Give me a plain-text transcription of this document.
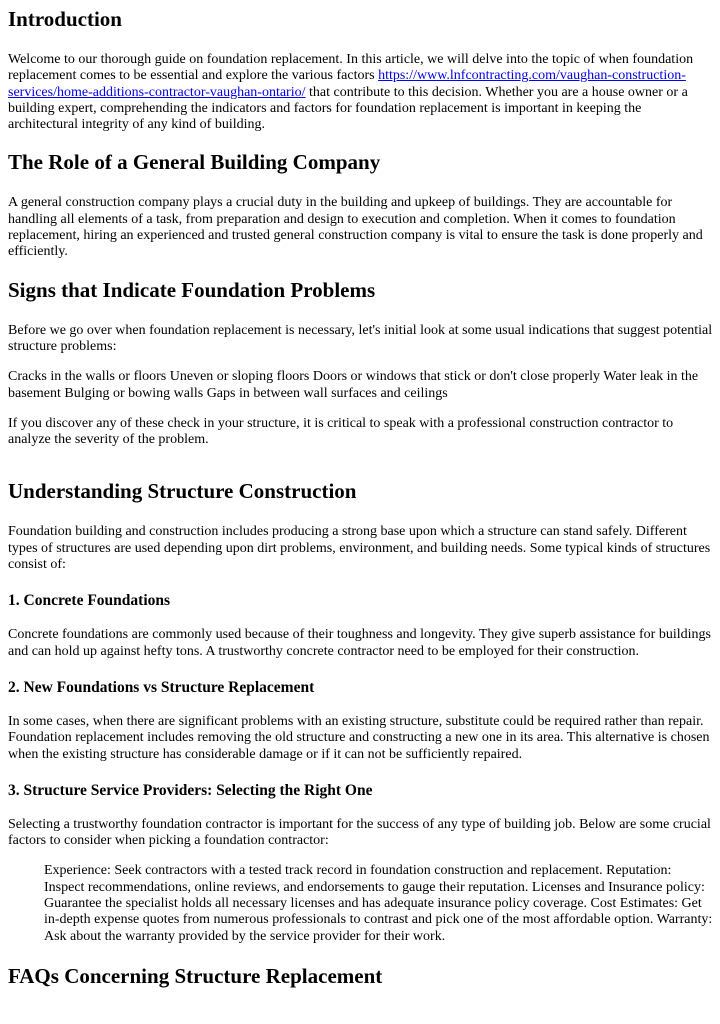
Introduction

Welcome to our thorough guide on foundation replacement. In this article, we will delve into the topic of when foundation replacement comes to be essential and explore the various factors https://www.lnfcontracting.com/vaughan-construction-services/home-additions-contractor-vaughan-ontario/ that contribute to this decision. Whether you are a house owner or a building expert, comprehending the indicators and factors for foundation replacement is important in keeping the architectural integrity of any kind of building.

The Role of a General Building Company

A general construction company plays a crucial duty in the building and upkeep of buildings. They are accountable for handling all elements of a task, from preparation and design to execution and completion. When it comes to foundation replacement, hiring an experienced and trusted general construction company is vital to ensure the task is done properly and efficiently.

Signs that Indicate Foundation Problems

Before we go over when foundation replacement is necessary, let's initial look at some usual indications that suggest potential structure problems:

Cracks in the walls or floors Uneven or sloping floors Doors or windows that stick or don't close properly Water leak in the basement Bulging or bowing walls Gaps in between wall surfaces and ceilings

If you discover any of these check in your structure, it is critical to speak with a professional construction contractor to analyze the severity of the problem.

Understanding Structure Construction

Foundation building and construction includes producing a strong base upon which a structure can stand safely. Different types of structures are used depending upon dirt problems, environment, and building needs. Some typical kinds of structures consist of:

1. Concrete Foundations

Concrete foundations are commonly used because of their toughness and longevity. They give superb assistance for buildings and can hold up against hefty tons. A trustworthy concrete contractor need to be employed for their construction.

2. New Foundations vs Structure Replacement

In some cases, when there are significant problems with an existing structure, substitute could be required rather than repair. Foundation replacement includes removing the old structure and constructing a new one in its area. This alternative is chosen when the existing structure has considerable damage or if it can not be sufficiently repaired.

3. Structure Service Providers: Selecting the Right One

Selecting a trustworthy foundation contractor is important for the success of any type of building job. Below are some crucial factors to consider when picking a foundation contractor:

Experience: Seek contractors with a tested track record in foundation construction and replacement. Reputation: Inspect recommendations, online reviews, and endorsements to gauge their reputation. Licenses and Insurance policy: Guarantee the specialist holds all necessary licenses and has adequate insurance policy coverage. Cost Estimates: Get in-depth expense quotes from numerous professionals to contrast and pick one of the most affordable option. Warranty: Ask about the warranty provided by the service provider for their work.

FAQs Concerning Structure Replacement
